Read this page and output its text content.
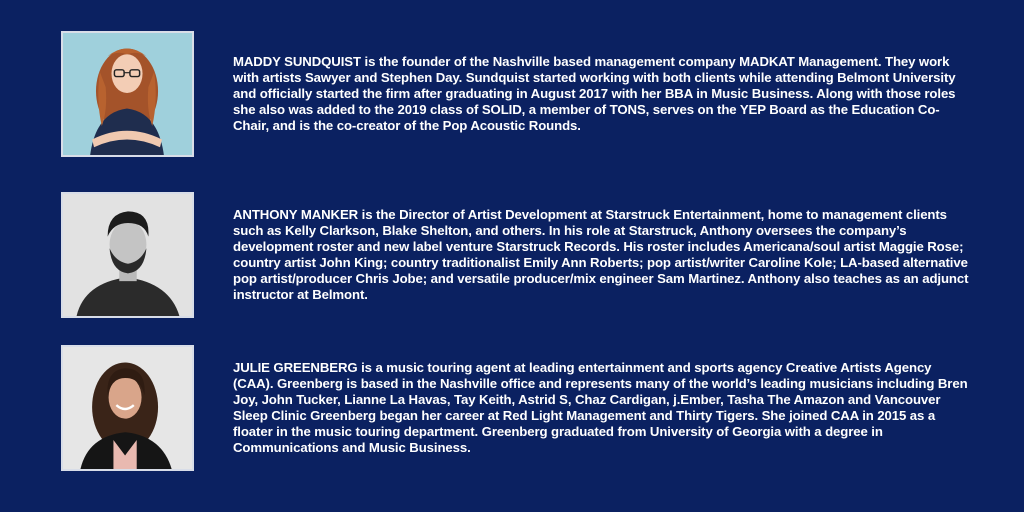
MADDY SUNDQUIST is the founder of the Nashville based management company MADKAT Management. They work with artists Sawyer and Stephen Day. Sundquist started working with both clients while attending Belmont University and officially started the firm after graduating in August 2017 with her BBA in Music Business. Along with those roles she also was added to the 2019 class of SOLID, a member of TONS, serves on the YEP Board as the Education Co-Chair, and is the co-creator of the Pop Acoustic Rounds.

ANTHONY MANKER is the Director of Artist Development at Starstruck Entertainment, home to management clients such as Kelly Clarkson, Blake Shelton, and others. In his role at Starstruck, Anthony oversees the company’s development roster and new label venture Starstruck Records. His roster includes Americana/soul artist Maggie Rose; country artist John King; country traditionalist Emily Ann Roberts; pop artist/writer Caroline Kole; LA-based alternative pop artist/producer Chris Jobe; and versatile producer/mix engineer Sam Martinez. Anthony also teaches as an adjunct instructor at Belmont.

JULIE GREENBERG is a music touring agent at leading entertainment and sports agency Creative Artists Agency (CAA). Greenberg is based in the Nashville office and represents many of the world’s leading musicians including Bren Joy, John Tucker, Lianne La Havas, Tay Keith, Astrid S, Chaz Cardigan, j.Ember, Tasha The Amazon and Vancouver Sleep Clinic Greenberg began her career at Red Light Management and Thirty Tigers. She joined CAA in 2015 as a floater in the music touring department. Greenberg graduated from University of Georgia with a degree in Communications and Music Business.
